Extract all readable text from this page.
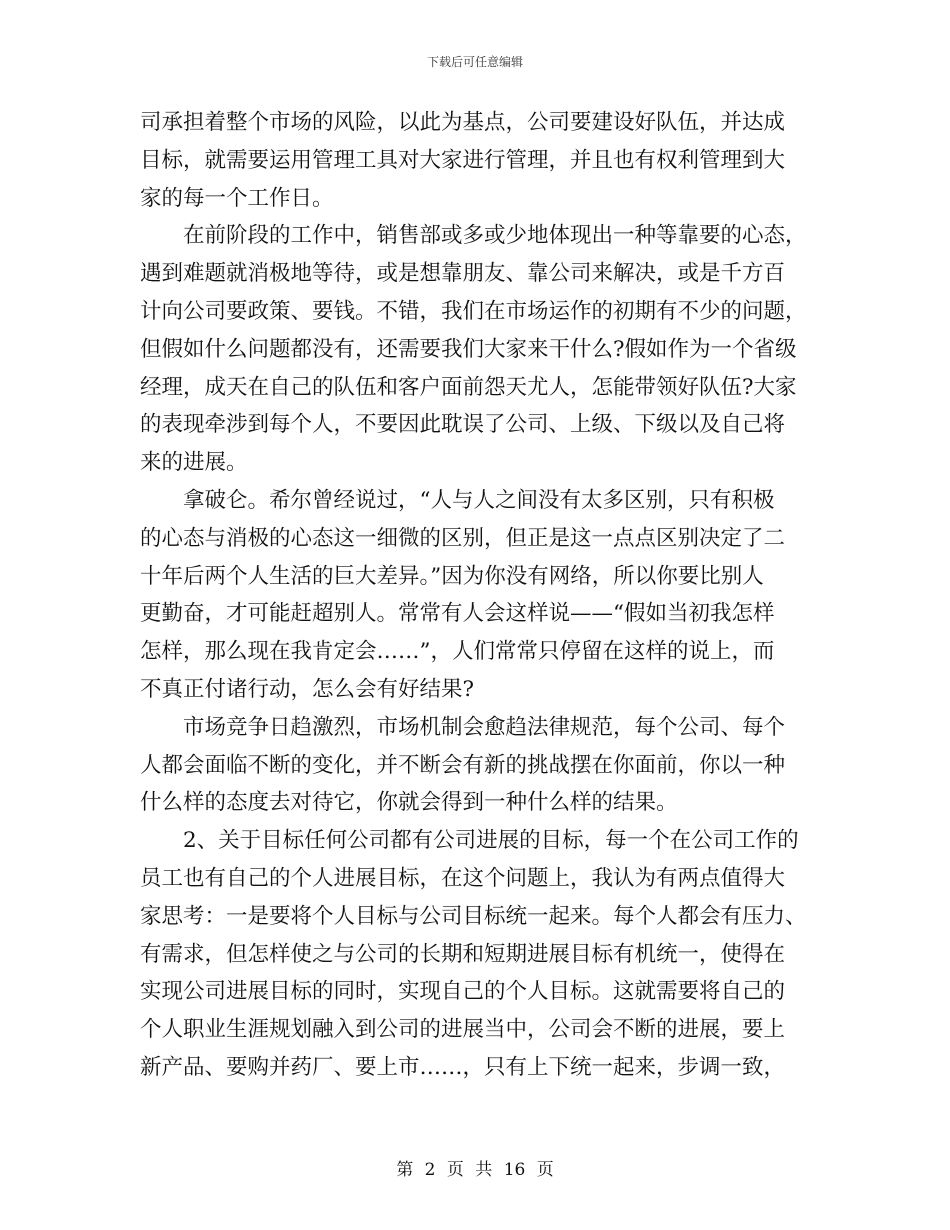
下载后可任意编辑
司承担着整个市场的风险，以此为基点，公司要建设好队伍，并达成
目标，就需要运用管理工具对大家进行管理，并且也有权利管理到大
家的每一个工作日。
　　在前阶段的工作中，销售部或多或少地体现出一种等靠要的心态，
遇到难题就消极地等待，或是想靠朋友、靠公司来解决，或是千方百
计向公司要政策、要钱。不错，我们在市场运作的初期有不少的问题，
但假如什么问题都没有，还需要我们大家来干什么?假如作为一个省级
经理，成天在自己的队伍和客户面前怨天尤人，怎能带领好队伍?大家
的表现牵涉到每个人，不要因此耽误了公司、上级、下级以及自己将
来的进展。
　　拿破仑。希尔曾经说过，“人与人之间没有太多区别，只有积极
的心态与消极的心态这一细微的区别，但正是这一点点区别决定了二
十年后两个人生活的巨大差异。”因为你没有网络，所以你要比别人
更勤奋，才可能赶超别人。常常有人会这样说——“假如当初我怎样
怎样，那么现在我肯定会……”，人们常常只停留在这样的说上，而
不真正付诸行动，怎么会有好结果?
　　市场竞争日趋激烈，市场机制会愈趋法律规范，每个公司、每个
人都会面临不断的变化，并不断会有新的挑战摆在你面前，你以一种
什么样的态度去对待它，你就会得到一种什么样的结果。
　　2、关于目标任何公司都有公司进展的目标，每一个在公司工作的
员工也有自己的个人进展目标，在这个问题上，我认为有两点值得大
家思考：一是要将个人目标与公司目标统一起来。每个人都会有压力、
有需求，但怎样使之与公司的长期和短期进展目标有机统一，使得在
实现公司进展目标的同时，实现自己的个人目标。这就需要将自己的
个人职业生涯规划融入到公司的进展当中，公司会不断的进展，要上
新产品、要购并药厂、要上市……，只有上下统一起来，步调一致，
第 2 页 共 16 页
